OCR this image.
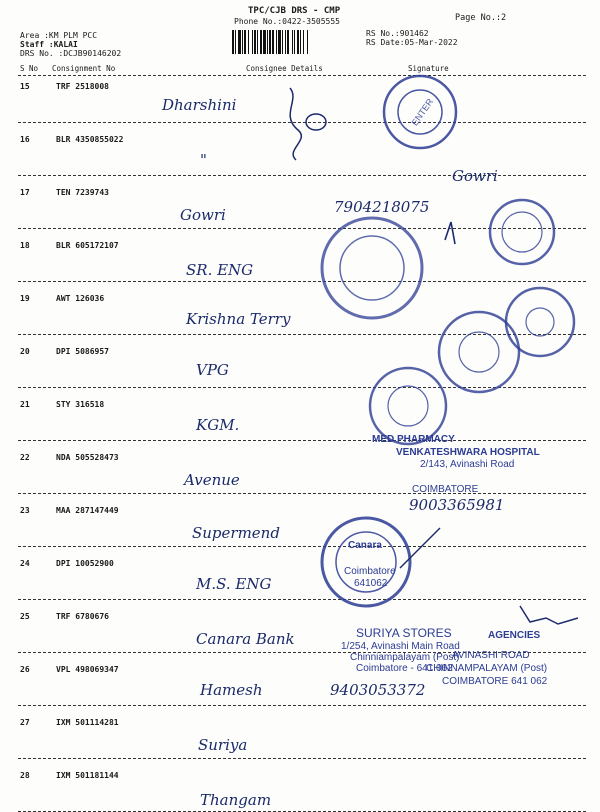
TPC/CJB DRS - CMP
Phone No.:0422-3505555	Page No.:2
Area :KM PLM PCC
Staff :KALAI
DRS No. :DCJB90146202
RS No.:901462
RS Date:05-Mar-2022
S No Consignment No	Consignee Details	Signature
15	TRF 2518008
Dharshini
16	BLR 4350855022
"
17	TEN 7239743
Gowri	7904218075
18	BLR 605172107
SR. ENG
19	AWT 126036
Krishna Terry
20	DPI 5086957
VPG
21	STY 316518
KGM.
22	NDA 505528473
Avenue
23	MAA 287147449
Supermend
24	DPI 10052900
M.S. ENG
25	TRF 6780676
Canara Bank
26	VPL 498069347
Hamesh	9403053372
27	IXM 501114281
Suriya
28	IXM 501181144
Thangam
ENTER
MED PHARMACY
VENKATESHWARA HOSPITAL
2/143, Avinashi Road
COIMBATORE
SURIYA STORES
1/254, Avinashi Main Road
Chinniampalayam (Post)
Coimbatore - 641 062
AGENCIES
AVINASHI ROAD
CHINNAMPALAYAM (Post)
COIMBATORE 641 062
Canara
Coimbatore
641062
Gowri
9003365981
